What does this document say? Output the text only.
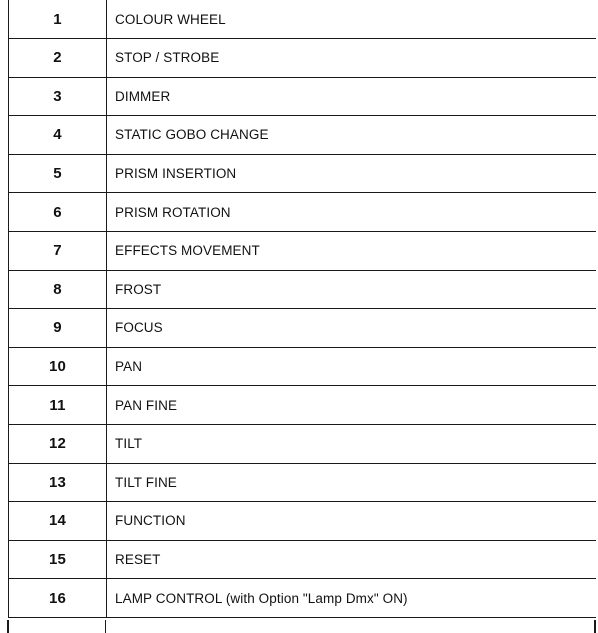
1	COLOUR WHEEL
2	STOP / STROBE
3	DIMMER
4	STATIC GOBO CHANGE
5	PRISM INSERTION
6	PRISM ROTATION
7	EFFECTS MOVEMENT
8	FROST
9	FOCUS
10	PAN
11	PAN FINE
12	TILT
13	TILT FINE
14	FUNCTION
15	RESET
16	LAMP CONTROL (with Option "Lamp Dmx" ON)
